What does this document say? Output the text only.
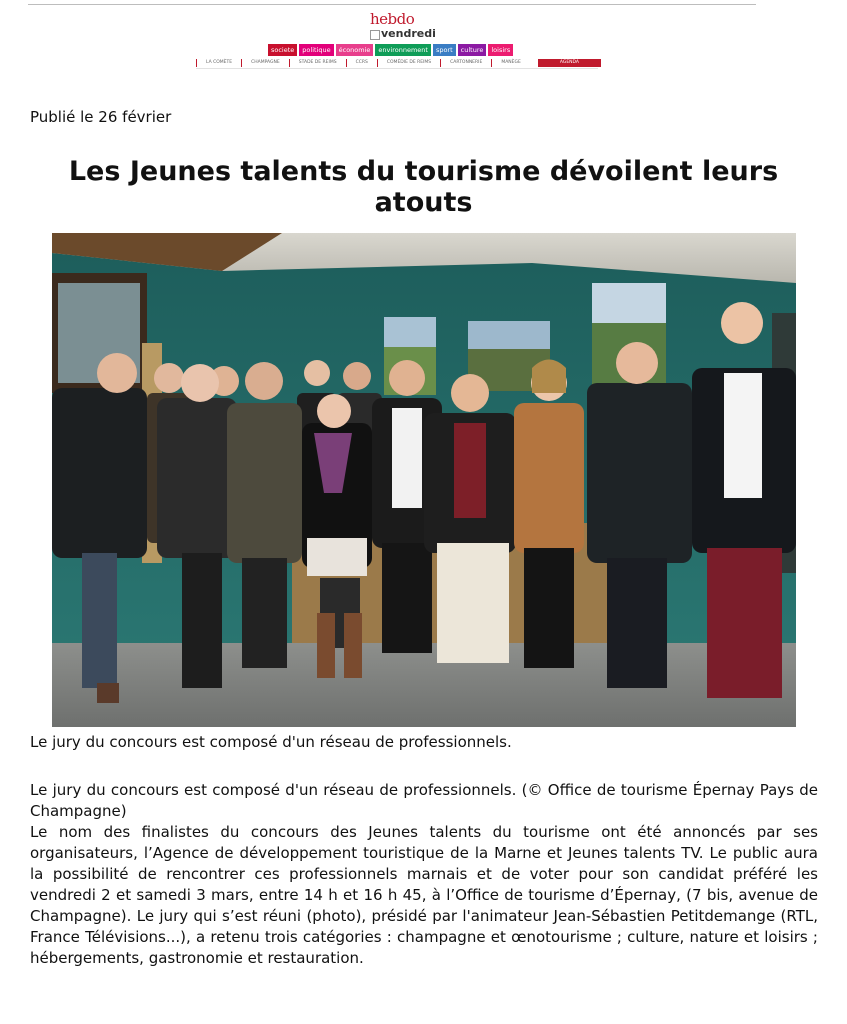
hebdo
vendredi
societe	politique	économie	environnement	sport	culture	loisirs
LA COMÈTE	CHAMPAGNE	STADE DE REIMS	CCRS	COMÉDIE DE REIMS	CARTONNERIE	MANÈGE	AGENDA
Publié le 26 février
Les Jeunes talents du tourisme dévoilent leurs atouts
Le jury du concours est composé d'un réseau de professionnels.

Le jury du concours est composé d'un réseau de professionnels. (© Office de tourisme Épernay Pays de Champagne)

Le nom des finalistes du concours des Jeunes talents du tourisme ont été annoncés par ses organisateurs, l’Agence de développement touristique de la Marne et Jeunes talents TV. Le public aura la possibilité de rencontrer ces professionnels marnais et de voter pour son candidat préféré les vendredi 2 et samedi 3 mars, entre 14 h et 16 h 45, à l’Office de tourisme d’Épernay, (7 bis, avenue de Champagne). Le jury qui s’est réuni (photo), présidé par l'animateur Jean-Sébastien Petitdemange (RTL, France Télévisions...), a retenu trois catégories : champagne et œnotourisme ; culture, nature et loisirs ; hébergements, gastronomie et restauration.
